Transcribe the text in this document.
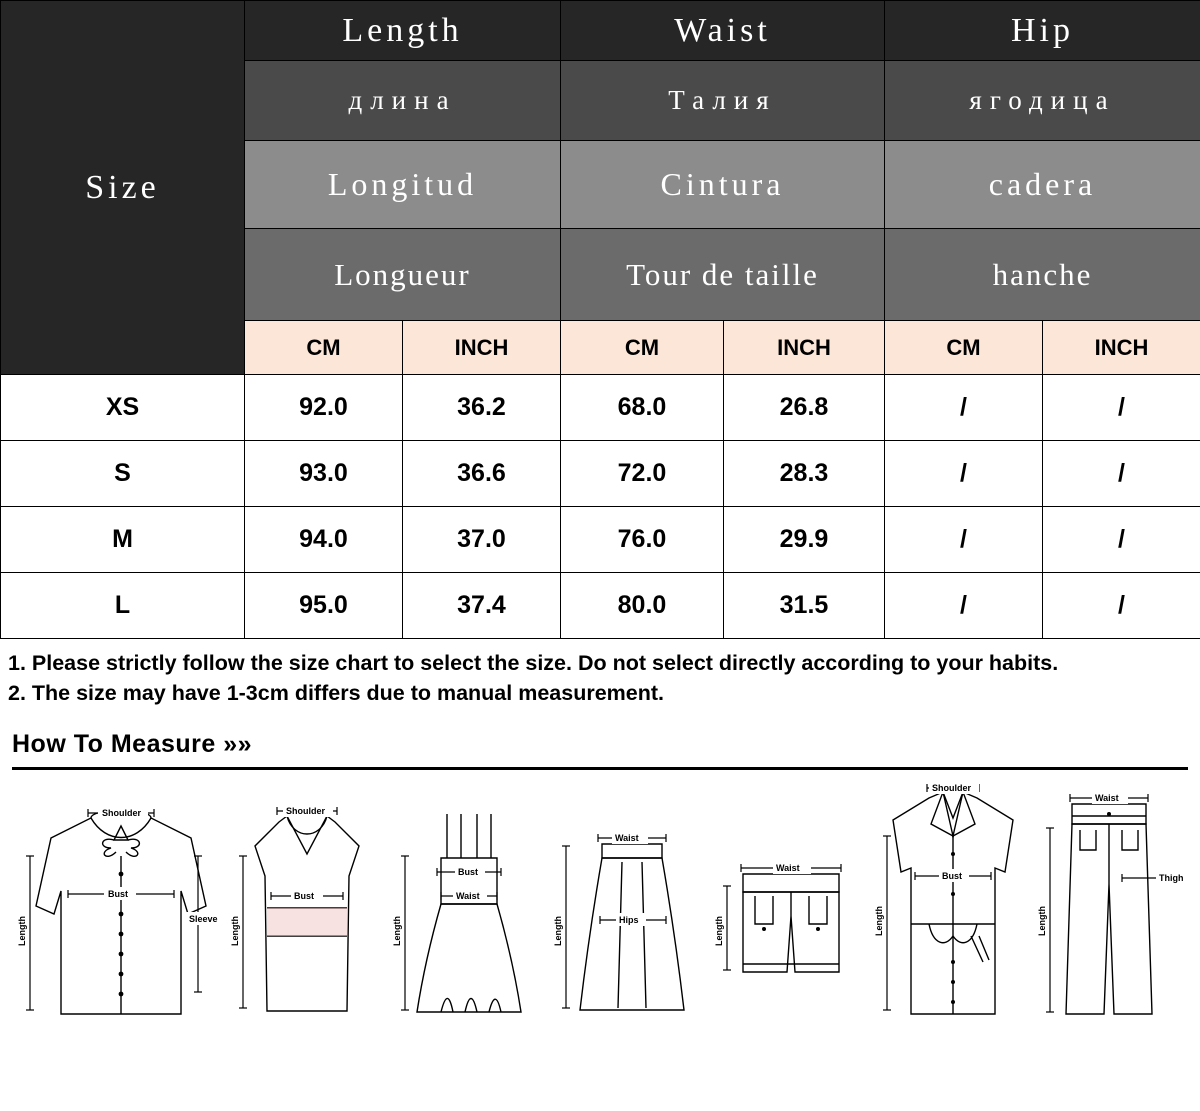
Size	Length		Waist		Hip	
	длина		Талия		ягодица	
	Longitud		Cintura		cadera	
	Longueur		Tour de taille		hanche	
	CM	INCH	CM	INCH	CM	INCH
XS	92.0	36.2	68.0	26.8	/	/
S	93.0	36.6	72.0	28.3	/	/
M	94.0	37.0	76.0	29.9	/	/
L	95.0	37.4	80.0	31.5	/	/

1. Please strictly follow the size chart to select the size. Do not select directly according to your habits.

2. The size may have 1-3cm differs due to manual measurement.

How To Measure »»
Shoulder
Bust
Sleeve
Length
Shoulder
Bust
Length
Bust
Waist
Length
Waist
Hips
Length
Waist
Length
Shoulder
Bust
Length
Waist
Thigh
Length
